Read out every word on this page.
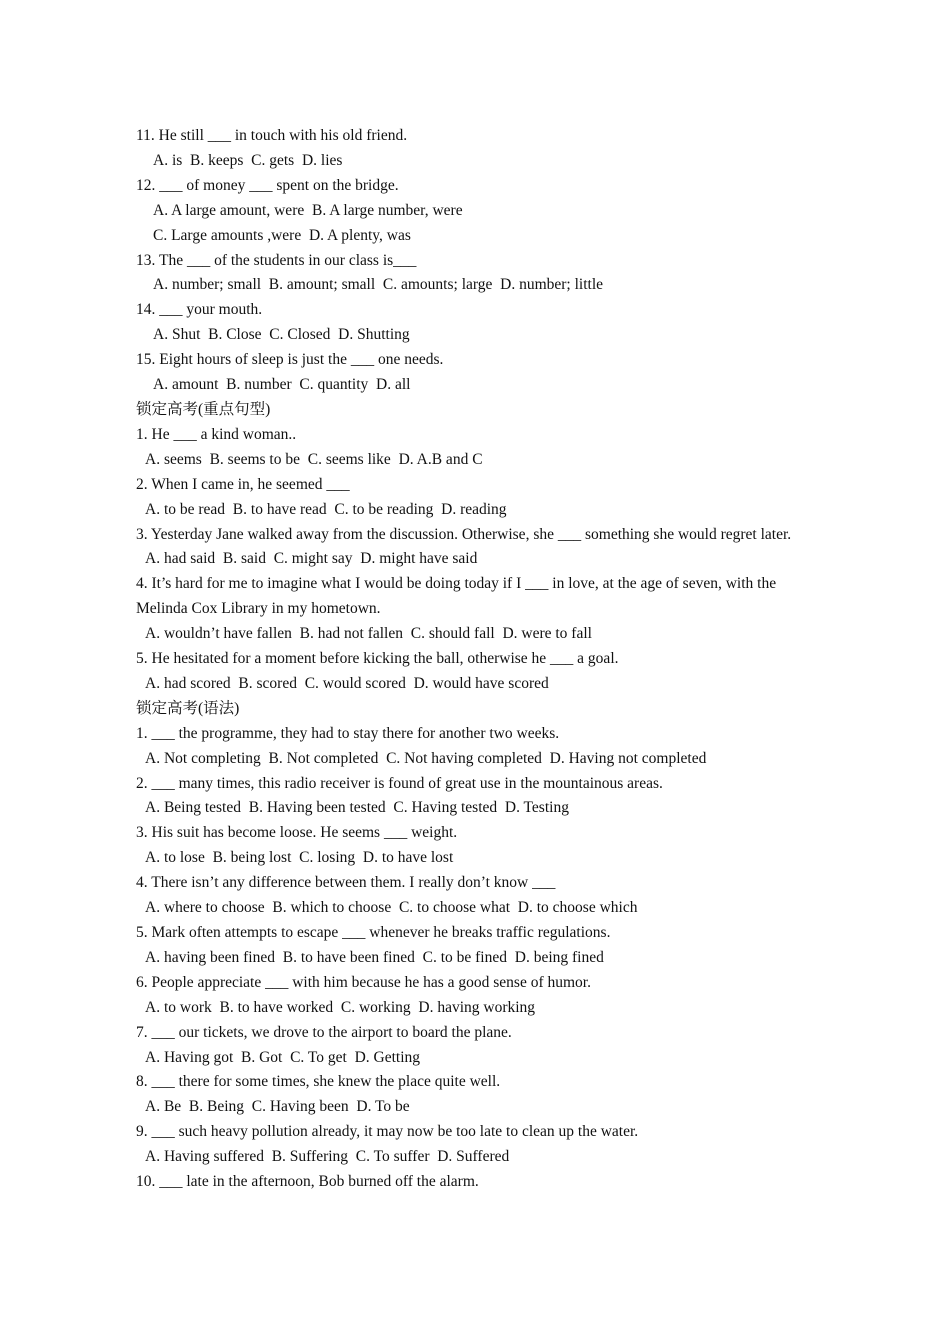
11. He still ___ in touch with his old friend.

A. is  B. keeps  C. gets  D. lies

12. ___ of money ___ spent on the bridge.

A. A large amount, were  B. A large number, were

C. Large amounts ,were  D. A plenty, was

13. The ___ of the students in our class is___

A. number; small  B. amount; small  C. amounts; large  D. number; little

14. ___ your mouth.

A. Shut  B. Close  C. Closed  D. Shutting

15. Eight hours of sleep is just the ___ one needs.

A. amount  B. number  C. quantity  D. all

锁定高考(重点句型)

1. He ___ a kind woman..

A. seems  B. seems to be  C. seems like  D. A.B and C

2. When I came in, he seemed ___

A. to be read  B. to have read  C. to be reading  D. reading

3. Yesterday Jane walked away from the discussion. Otherwise, she ___ something she would regret later.

A. had said  B. said  C. might say  D. might have said

4. It’s hard for me to imagine what I would be doing today if I ___ in love, at the age of seven, with the Melinda Cox Library in my hometown.

A. wouldn’t have fallen  B. had not fallen  C. should fall  D. were to fall

5. He hesitated for a moment before kicking the ball, otherwise he ___ a goal.

A. had scored  B. scored  C. would scored  D. would have scored

锁定高考(语法)

1. ___ the programme, they had to stay there for another two weeks.

A. Not completing  B. Not completed  C. Not having completed  D. Having not completed

2. ___ many times, this radio receiver is found of great use in the mountainous areas.

A. Being tested  B. Having been tested  C. Having tested  D. Testing

3. His suit has become loose. He seems ___ weight.

A. to lose  B. being lost  C. losing  D. to have lost

4. There isn’t any difference between them. I really don’t know ___

A. where to choose  B. which to choose  C. to choose what  D. to choose which

5. Mark often attempts to escape ___ whenever he breaks traffic regulations.

A. having been fined  B. to have been fined  C. to be fined  D. being fined

6. People appreciate ___ with him because he has a good sense of humor.

A. to work  B. to have worked  C. working  D. having working

7. ___ our tickets, we drove to the airport to board the plane.

A. Having got  B. Got  C. To get  D. Getting

8. ___ there for some times, she knew the place quite well.

A. Be  B. Being  C. Having been  D. To be

9. ___ such heavy pollution already, it may now be too late to clean up the water.

A. Having suffered  B. Suffering  C. To suffer  D. Suffered

10. ___ late in the afternoon, Bob burned off the alarm.
